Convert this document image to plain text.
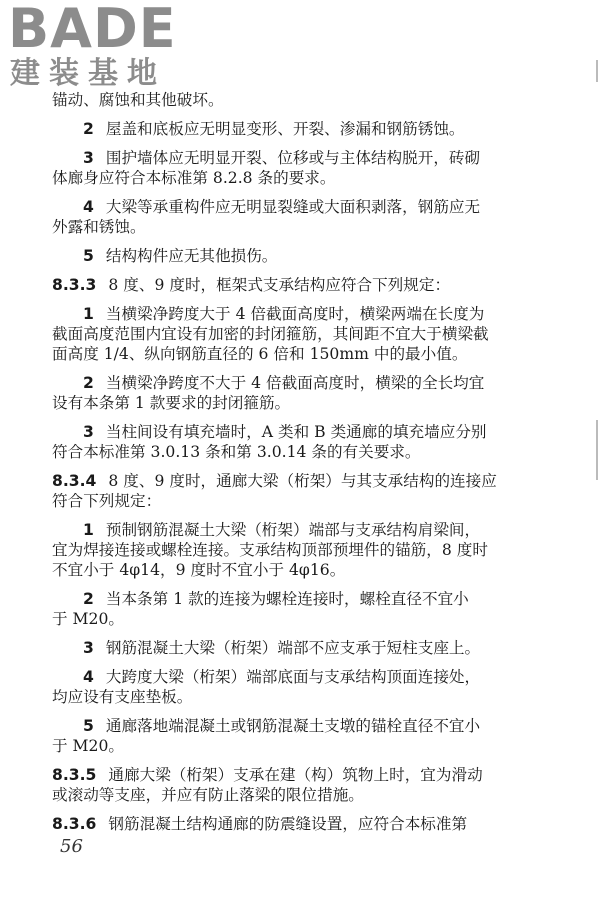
BADE
建装基地

锚动、腐蚀和其他破坏。

2 屋盖和底板应无明显变形、开裂、渗漏和钢筋锈蚀。

3 围护墙体应无明显开裂、位移或与主体结构脱开，砖砌

体廊身应符合本标准第 8.2.8 条的要求。

4 大梁等承重构件应无明显裂缝或大面积剥落，钢筋应无

外露和锈蚀。

5 结构构件应无其他损伤。

8.3.3 8 度、9 度时，框架式支承结构应符合下列规定：

1 当横梁净跨度大于 4 倍截面高度时，横梁两端在长度为

截面高度范围内宜设有加密的封闭箍筋，其间距不宜大于横梁截

面高度 1/4、纵向钢筋直径的 6 倍和 150mm 中的最小值。

2 当横梁净跨度不大于 4 倍截面高度时，横梁的全长均宜

设有本条第 1 款要求的封闭箍筋。

3 当柱间设有填充墙时，A 类和 B 类通廊的填充墙应分别

符合本标准第 3.0.13 条和第 3.0.14 条的有关要求。

8.3.4 8 度、9 度时，通廊大梁（桁架）与其支承结构的连接应

符合下列规定：

1 预制钢筋混凝土大梁（桁架）端部与支承结构肩梁间，

宜为焊接连接或螺栓连接。支承结构顶部预埋件的锚筋，8 度时

不宜小于 4φ14，9 度时不宜小于 4φ16。

2 当本条第 1 款的连接为螺栓连接时，螺栓直径不宜小

于 M20。

3 钢筋混凝土大梁（桁架）端部不应支承于短柱支座上。

4 大跨度大梁（桁架）端部底面与支承结构顶面连接处，

均应设有支座垫板。

5 通廊落地端混凝土或钢筋混凝土支墩的锚栓直径不宜小

于 M20。

8.3.5 通廊大梁（桁架）支承在建（构）筑物上时，宜为滑动

或滚动等支座，并应有防止落梁的限位措施。

8.3.6 钢筋混凝土结构通廊的防震缝设置，应符合本标准第

56
